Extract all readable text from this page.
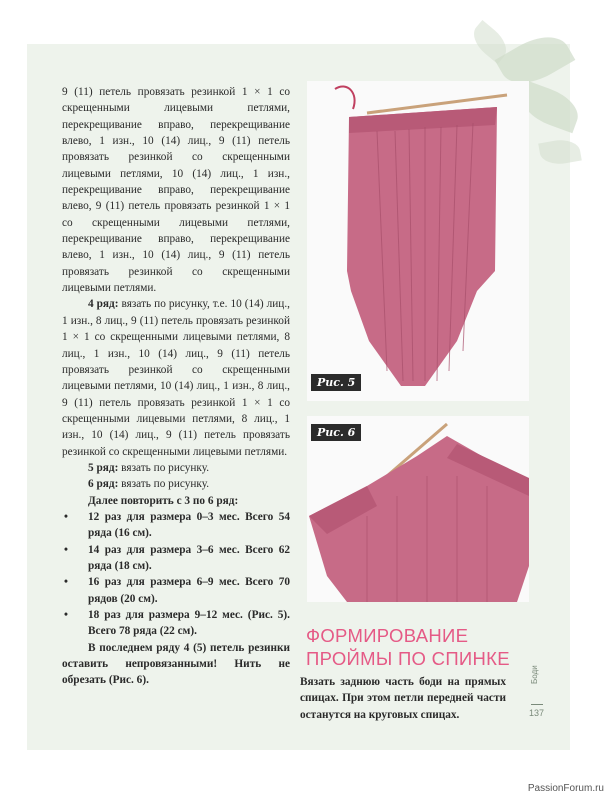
9 (11) петель провязать резинкой 1 × 1 со скрещенными лицевыми петлями, перекрещивание вправо, перекрещивание влево, 1 изн., 10 (14) лиц., 9 (11) петель провязать резинкой со скрещенными лицевыми петлями, 10 (14) лиц., 1 изн., перекрещивание вправо, перекрещивание влево, 9 (11) петель провязать резинкой 1 × 1 со скрещенными лицевыми петлями, перекрещивание вправо, перекрещивание влево, 1 изн., 10 (14) лиц., 9 (11) петель провязать резинкой со скрещенными лицевыми петлями.

4 ряд: вязать по рисунку, т.е. 10 (14) лиц., 1 изн., 8 лиц., 9 (11) петель провязать резинкой 1 × 1 со скрещенными лицевыми петлями, 8 лиц., 1 изн., 10 (14) лиц., 9 (11) петель провязать резинкой со скрещенными лицевыми петлями, 10 (14) лиц., 1 изн., 8 лиц., 9 (11) петель провязать резинкой 1 × 1 со скрещенными лицевыми петлями, 8 лиц., 1 изн., 10 (14) лиц., 9 (11) петель провязать резинкой со скрещенными лицевыми петлями.

5 ряд: вязать по рисунку.

6 ряд: вязать по рисунку.

Далее повторить с 3 по 6 ряд:

• 12 раз для размера 0–3 мес. Всего 54 ряда (16 см).
• 14 раз для размера 3–6 мес. Всего 62 ряда (18 см).
• 16 раз для размера 6–9 мес. Всего 70 рядов (20 см).
• 18 раз для размера 9–12 мес. (Рис. 5). Всего 78 ряда (22 см).

В последнем ряду 4 (5) петель резинки оставить непровязанными! Нить не обрезать (Рис. 6).

Рис. 5
Рис. 6
ФОРМИРОВАНИЕ
ПРОЙМЫ ПО СПИНКЕ
Вязать заднюю часть боди на прямых спицах. При этом петли передней части останутся на круговых спицах.
Боди
137
PassionForum.ru
